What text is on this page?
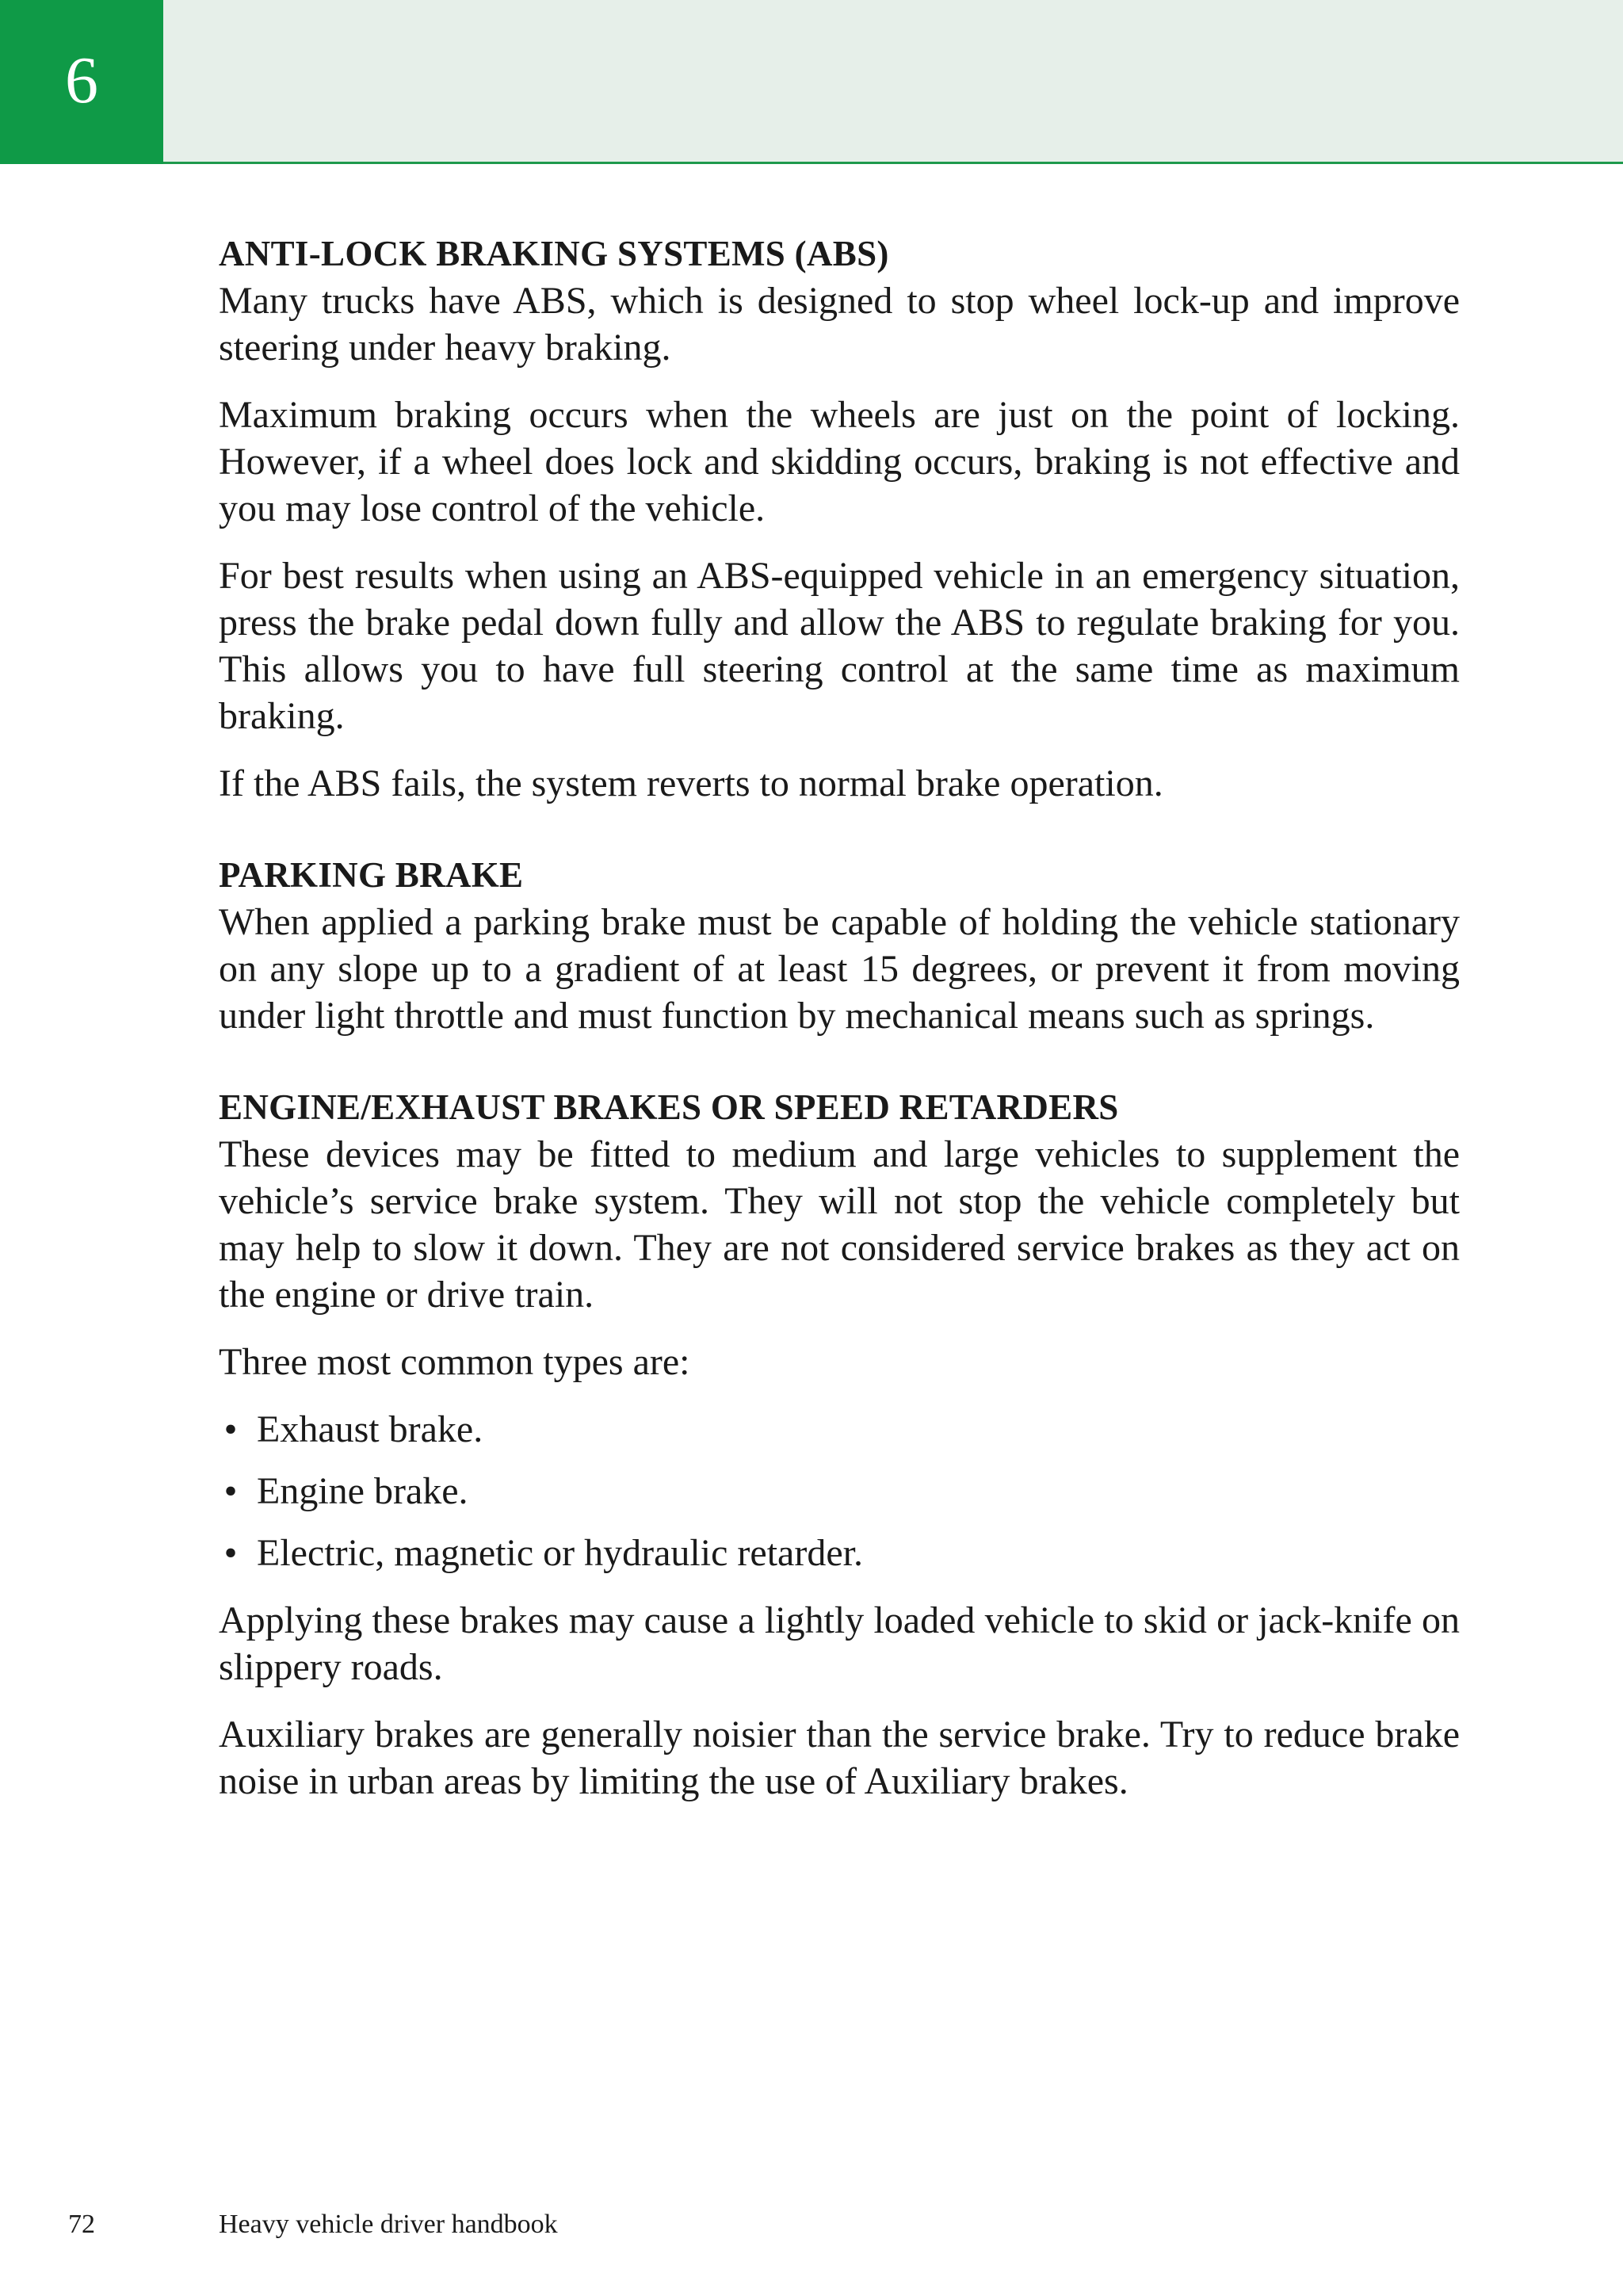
6
ANTI-LOCK BRAKING SYSTEMS (ABS)

Many trucks have ABS, which is designed to stop wheel lock-up and improve steering under heavy braking.

Maximum braking occurs when the wheels are just on the point of locking. However, if a wheel does lock and skidding occurs, braking is not effective and you may lose control of the vehicle.

For best results when using an ABS-equipped vehicle in an emergency situation, press the brake pedal down fully and allow the ABS to regulate braking for you. This allows you to have full steering control at the same time as maximum braking.

If the ABS fails, the system reverts to normal brake operation.

PARKING BRAKE

When applied a parking brake must be capable of holding the vehicle stationary on any slope up to a gradient of at least 15 degrees, or prevent it from moving under light throttle and must function by mechanical means such as springs.

ENGINE/EXHAUST BRAKES OR SPEED RETARDERS

These devices may be fitted to medium and large vehicles to supplement the vehicle’s service brake system. They will not stop the vehicle completely but may help to slow it down. They are not considered service brakes as they act on the engine or drive train.

Three most common types are:

• Exhaust brake.
• Engine brake.
• Electric, magnetic or hydraulic retarder.

Applying these brakes may cause a lightly loaded vehicle to skid or jack-knife on slippery roads.

Auxiliary brakes are generally noisier than the service brake. Try to reduce brake noise in urban areas by limiting the use of Auxiliary brakes.

72	Heavy vehicle driver handbook
